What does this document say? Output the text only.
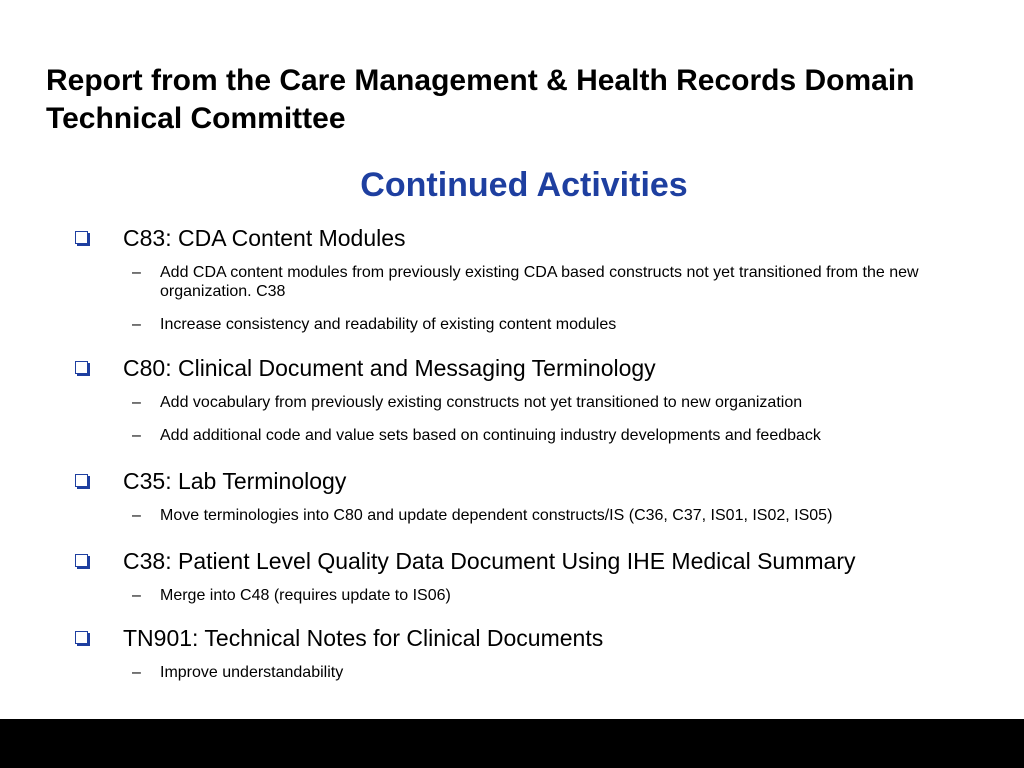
Report from the Care Management & Health Records Domain Technical Committee
Continued Activities
C83: CDA Content Modules
–	Add CDA content modules from previously existing CDA based constructs not yet transitioned from the new organization. C38
–	Increase consistency and readability of existing content modules
C80: Clinical Document and Messaging Terminology
–	Add vocabulary from previously existing constructs not yet transitioned to new organization
–	Add additional code and value sets based on continuing industry developments and feedback
C35: Lab Terminology
–	Move terminologies into C80 and update dependent constructs/IS (C36, C37, IS01, IS02, IS05)
C38: Patient Level Quality Data Document Using IHE Medical Summary
–	Merge into C48 (requires update to IS06)
TN901: Technical Notes for Clinical Documents
–	Improve understandability
